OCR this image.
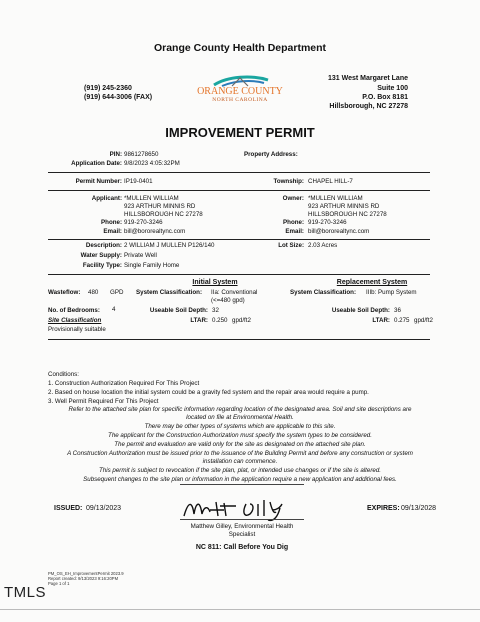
Orange County Health Department
(919) 245-2360
(919) 644-3006 (FAX)
ORANGE COUNTY
NORTH CAROLINA
131 West Margaret Lane
Suite 100
P.O. Box 8181
Hillsborough, NC 27278
IMPROVEMENT PERMIT
PIN: 9861278650
Application Date: 9/8/2023 4:05:32PM
Property Address:
Permit Number: IP19-0401	Township: CHAPEL HILL-7
Applicant: *MULLEN WILLIAM
923 ARTHUR MINNIS RD
HILLSBOROUGH NC 27278
Phone: 919-270-3246
Email: bill@bororealtync.com
Owner: *MULLEN WILLIAM
923 ARTHUR MINNIS RD
HILLSBOROUGH NC 27278
Phone: 919-270-3246
Email: bill@bororealtync.com
Description: 2 WILLIAM J MULLEN P126/140	Lot Size: 2.03 Acres
Water Supply: Private Well
Facility Type: Single Family Home
Initial System	Replacement System
Wasteflow: 480 GPD System Classification: IIa: Conventional
(<=480 gpd)
System Classification: IIIb: Pump System
No. of Bedrooms: 4	Useable Soil Depth: 32	Useable Soil Depth: 36
Site Classification
Provisionally suitable
LTAR: 0.250 gpd/ft2	LTAR: 0.275 gpd/ft2
Conditions:
1. Construction Authorization Required For This Project
2. Based on house location the initial system could be a gravity fed system and the repair area would require a pump.
3. Well Permit Required For This Project
Refer to the attached site plan for specific information regarding location of the designated area. Soil and site descriptions are
located on file at Environmental Health.
There may be other types of systems which are applicable to this site.
The applicant for the Construction Authorization must specify the system types to be considered.
The permit and evaluation are valid only for the site as designated on the attached site plan.
A Construction Authorization must be issued prior to the issuance of the Building Permit and before any construction or system
installation can commence.
This permit is subject to revocation if the site plan, plat, or intended use changes or if the site is altered.
Subsequent changes to the site plan or information in the application require a new application and additional fees.
ISSUED: 09/13/2023	EXPIRES: 09/13/2028
Matthew Gilley, Environmental Health
Specialist
NC 811: Call Before You Dig
PM_OS_EH_ImprovementPermit 2023.9
Report created: 9/13/2023 9:16:20PM
Page 1 of 1
TMLS
